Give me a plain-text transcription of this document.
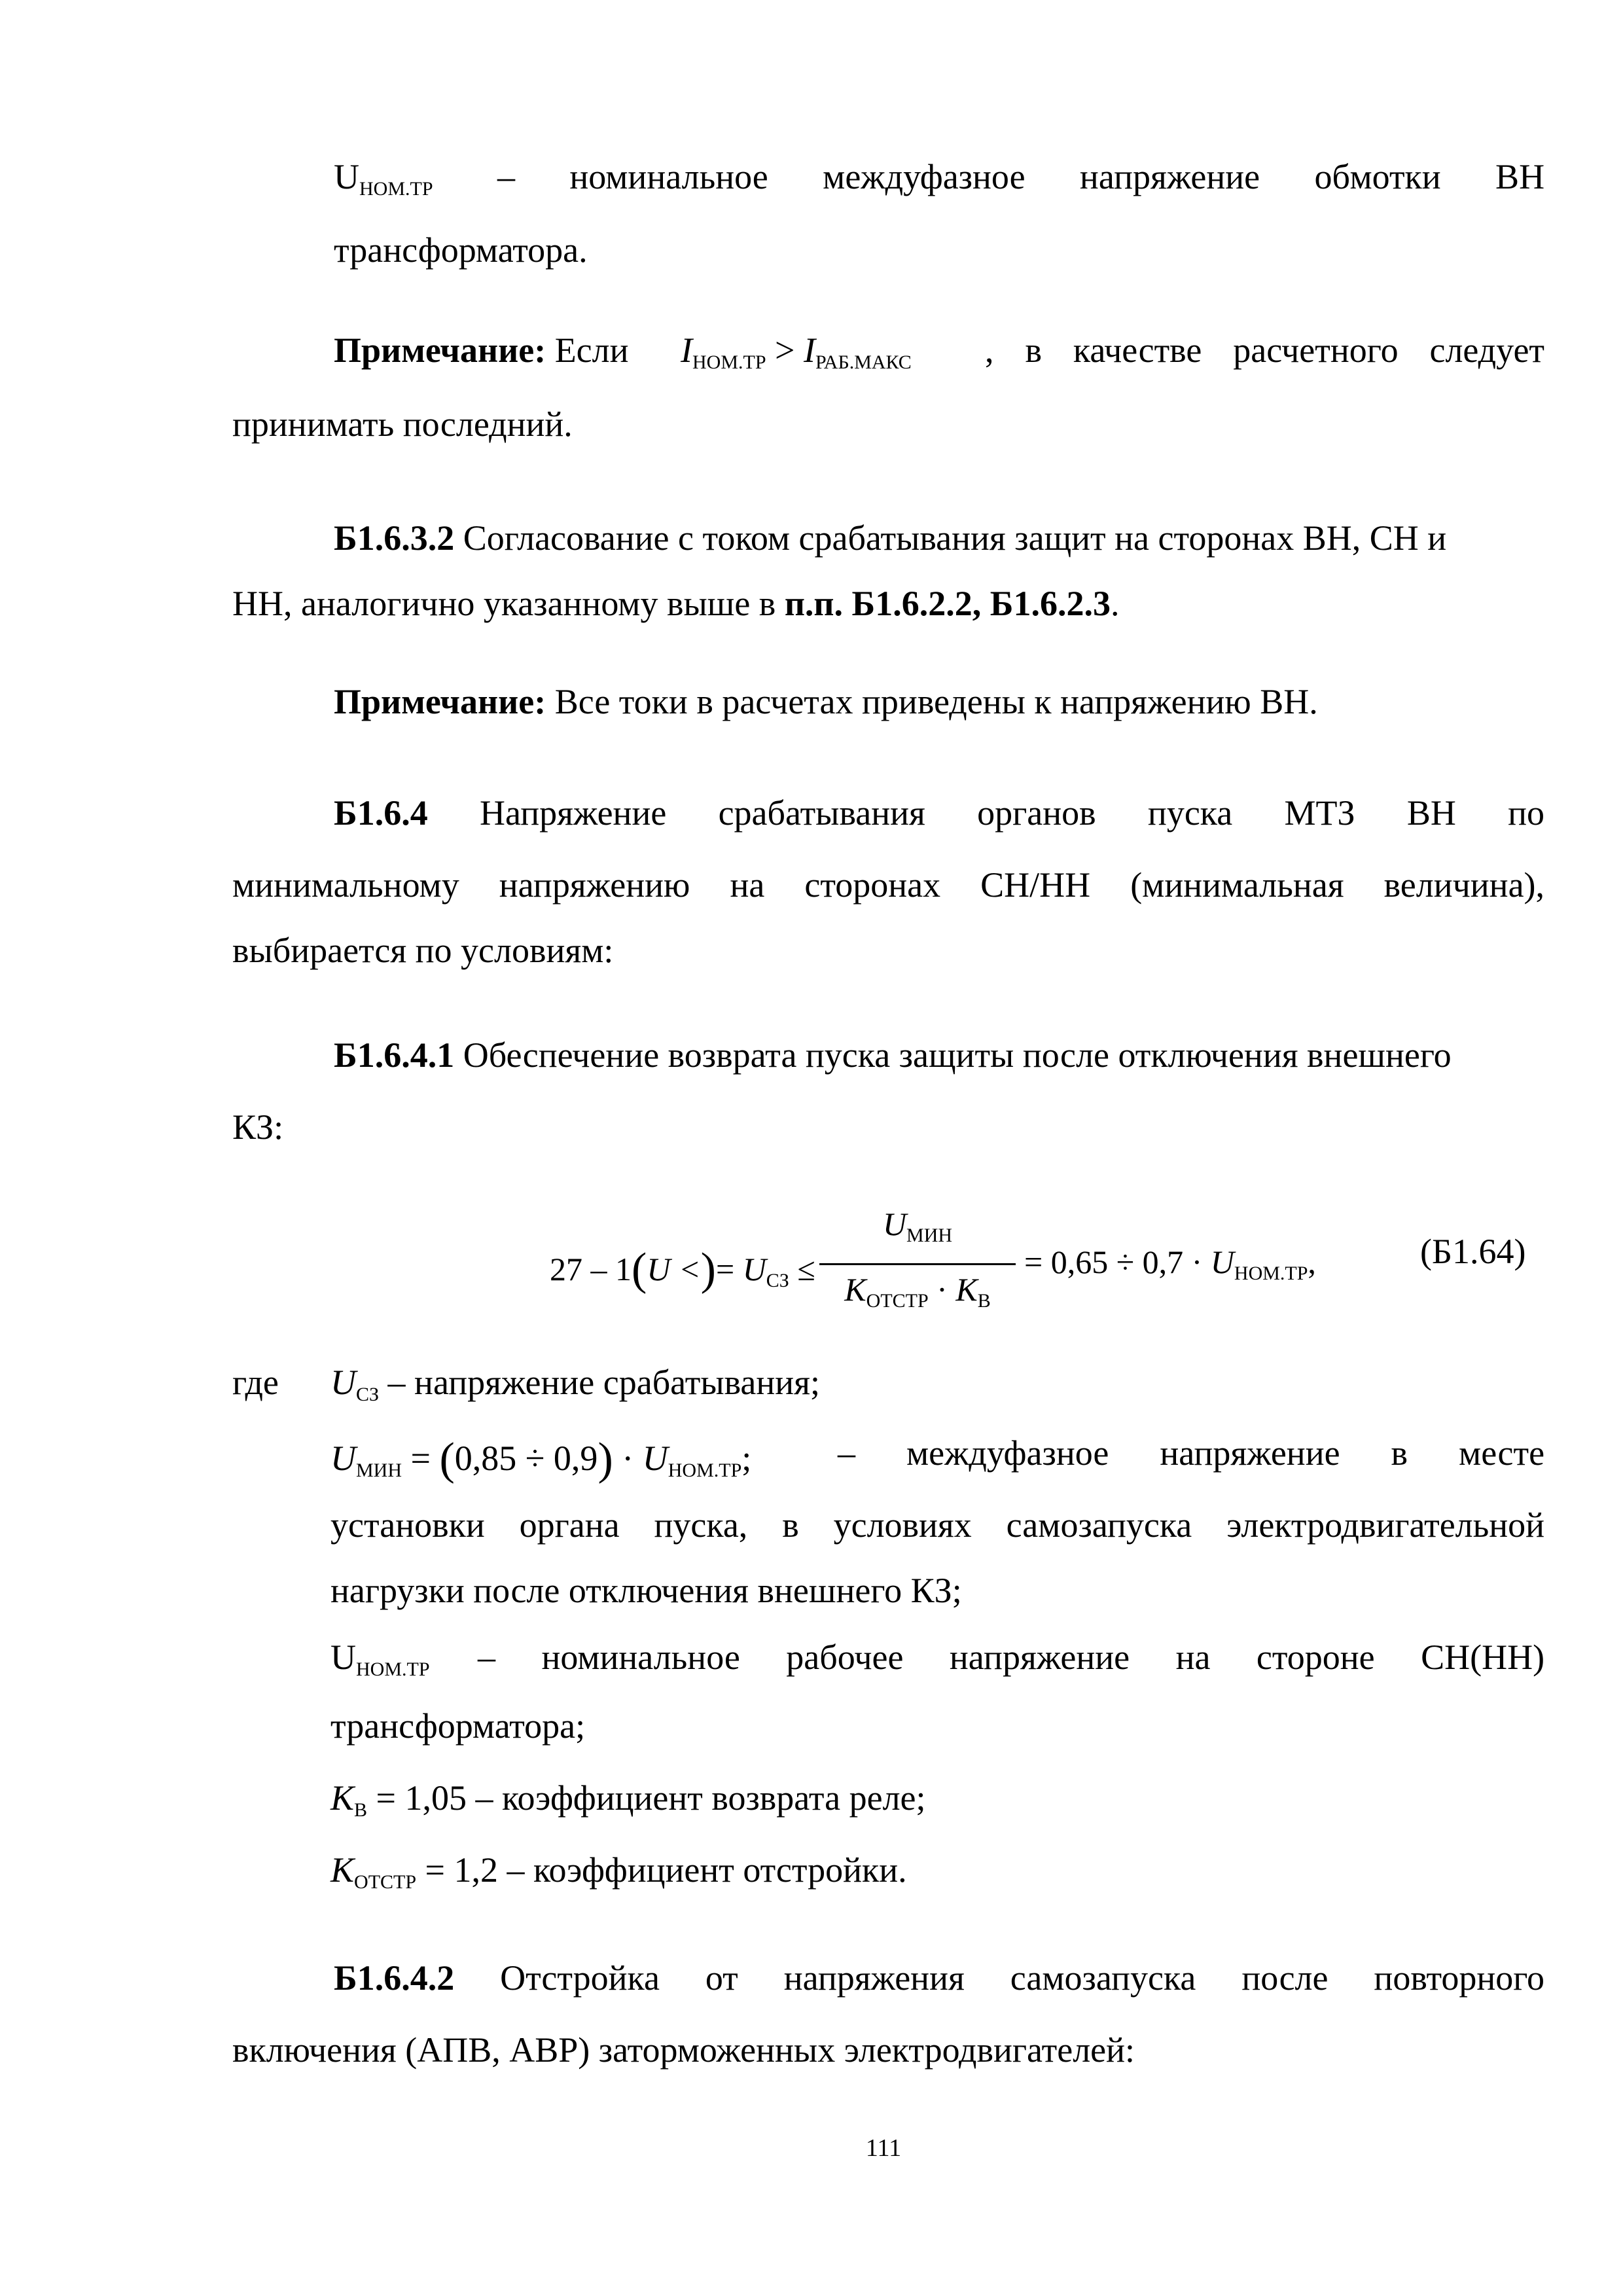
$U_{НОМ.ТР}$ – номинальное междуфазное напряжение обмотки ВН
трансформатора.
Примечание: Если $I_{НОМ.ТР} > I_{РАБ.МАКС}$ , в качестве расчетного следует
принимать последний.
Б1.6.3.2 Согласование с током срабатывания защит на сторонах ВН, СН и
НН, аналогично указанному выше в п.п. Б1.6.2.2, Б1.6.2.3.
Примечание: Все токи в расчетах приведены к напряжению ВН.
Б1.6.4 Напряжение срабатывания органов пуска МТЗ ВН по
минимальному напряжению на сторонах СН/НН (минимальная величина),
выбирается по условиям:
Б1.6.4.1 Обеспечение возврата пуска защиты после отключения внешнего
КЗ:
27 – 1(U <)= $U_{СЗ}$ ≤
$U_{МИН}$
$K_{ОТСТР} \cdot K_В$
= $0,65 \div 0,7 \cdot U_{НОМ.ТР}$,	(Б1.64)
где $U_{СЗ}$ – напряжение срабатывания;
$U_{МИН} = (0,85 \div 0,9) \cdot U_{НОМ.ТР}$; – междуфазное напряжение в месте
установки органа пуска, в условиях самозапуска электродвигательной
нагрузки после отключения внешнего КЗ;
$U_{НОМ.ТР}$ – номинальное рабочее напряжение на стороне СН(НН)
трансформатора;
$K_В = 1,05$ – коэффициент возврата реле;
$K_{ОТСТР} = 1,2$ – коэффициент отстройки.
Б1.6.4.2 Отстройка от напряжения самозапуска после повторного
включения (АПВ, АВР) заторможенных электродвигателей:
111
